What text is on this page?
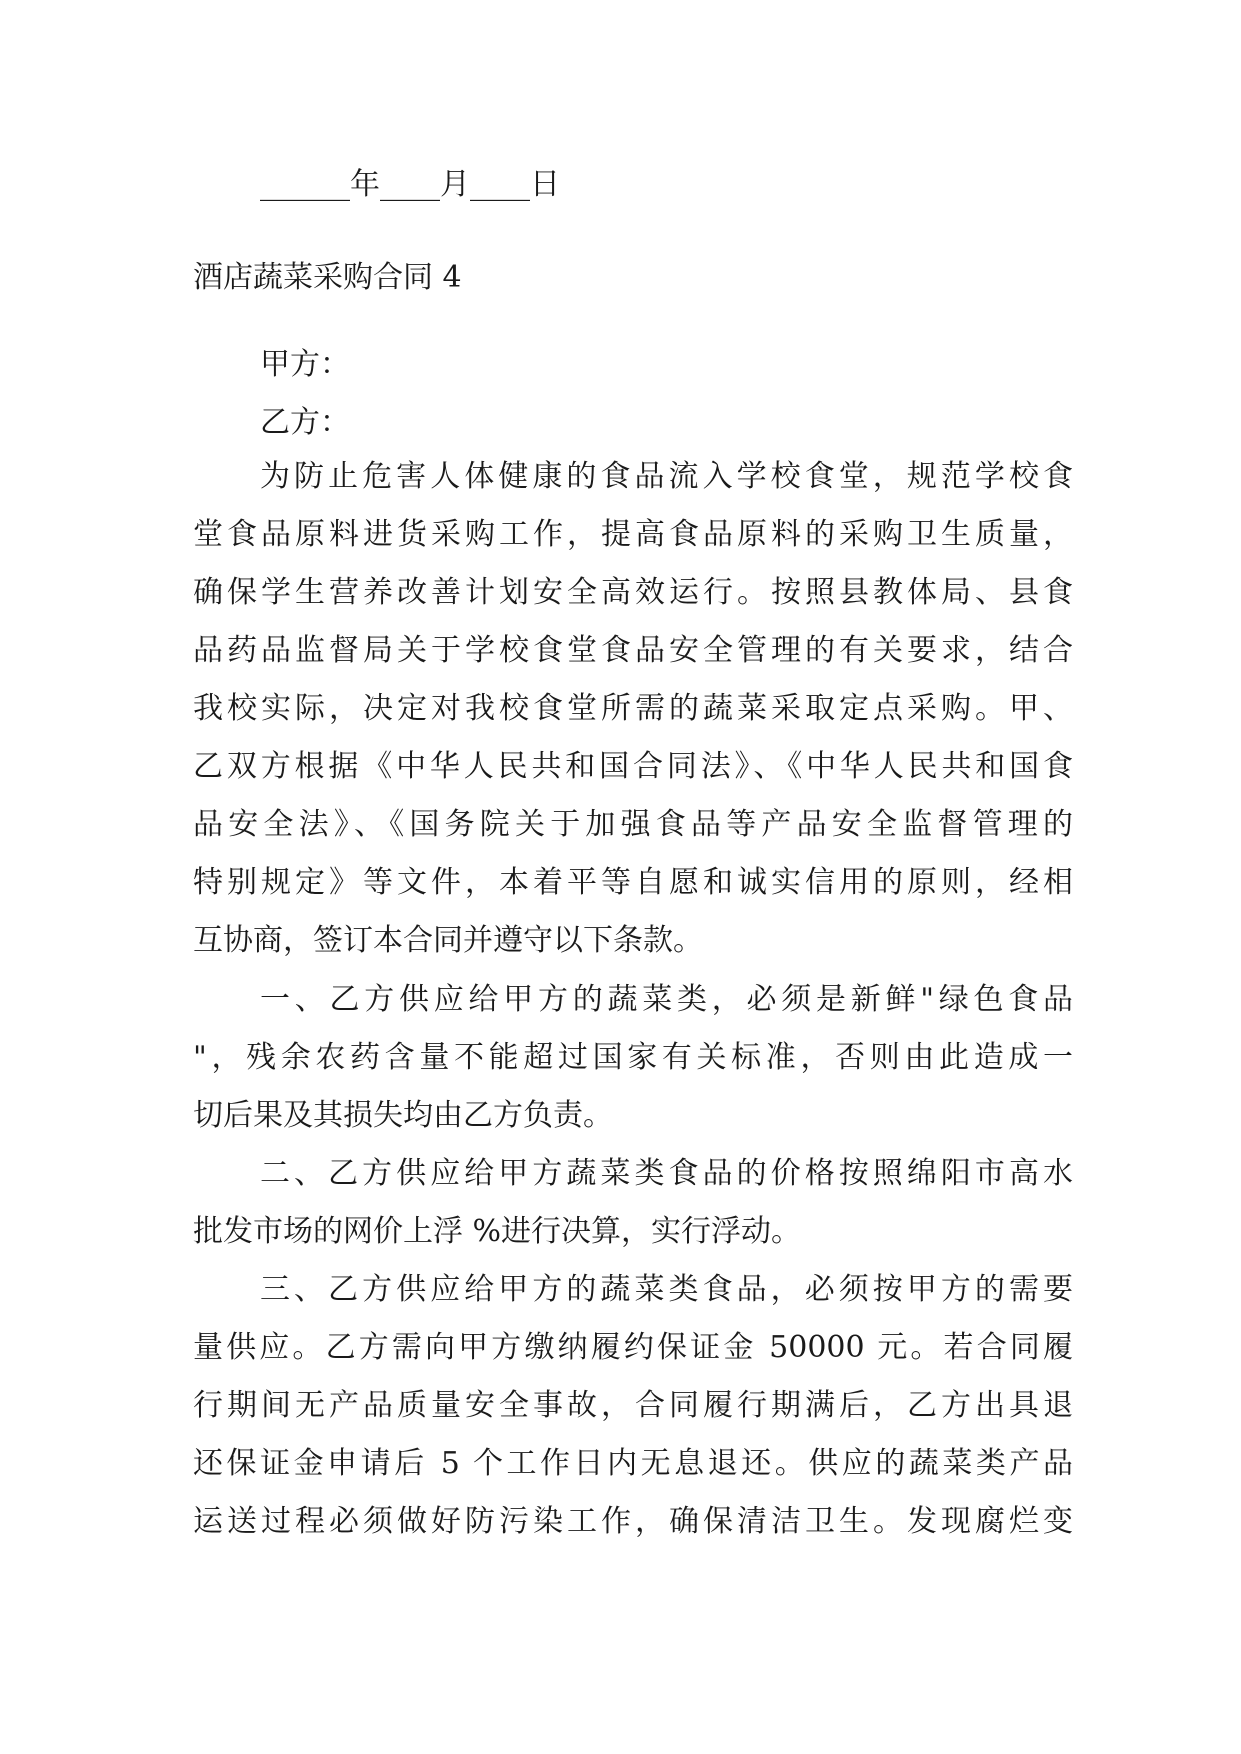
______年____月____日
酒店蔬菜采购合同 4
甲方：
乙方：
为防止危害人体健康的食品流入学校食堂，规范学校食
堂食品原料进货采购工作，提高食品原料的采购卫生质量，
确保学生营养改善计划安全高效运行。按照县教体局、县食
品药品监督局关于学校食堂食品安全管理的有关要求，结合
我校实际，决定对我校食堂所需的蔬菜采取定点采购。甲、
乙双方根据《中华人民共和国合同法》、《中华人民共和国食
品安全法》、《国务院关于加强食品等产品安全监督管理的
特别规定》等文件，本着平等自愿和诚实信用的原则，经相
互协商，签订本合同并遵守以下条款。
一、乙方供应给甲方的蔬菜类，必须是新鲜"绿色食品
"，残余农药含量不能超过国家有关标准，否则由此造成一
切后果及其损失均由乙方负责。
二、乙方供应给甲方蔬菜类食品的价格按照绵阳市高水
批发市场的网价上浮 %进行决算，实行浮动。
三、乙方供应给甲方的蔬菜类食品，必须按甲方的需要
量供应。乙方需向甲方缴纳履约保证金 50000 元。若合同履
行期间无产品质量安全事故，合同履行期满后，乙方出具退
还保证金申请后 5 个工作日内无息退还。供应的蔬菜类产品
运送过程必须做好防污染工作，确保清洁卫生。发现腐烂变
